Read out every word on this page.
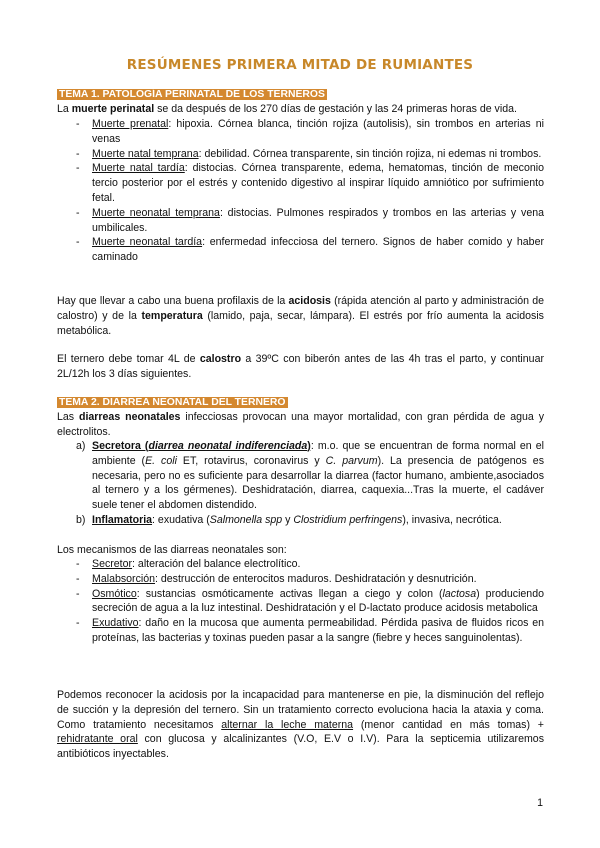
RESÚMENES PRIMERA MITAD DE RUMIANTES
TEMA 1. PATOLOGÍA PERINATAL DE LOS TERNEROS
La muerte perinatal se da después de los 270 días de gestación y las 24 primeras horas de vida.
- Muerte prenatal: hipoxia. Córnea blanca, tinción rojiza (autolisis), sin trombos en arterias ni venas
- Muerte natal temprana: debilidad. Córnea transparente, sin tinción rojiza, ni edemas ni trombos.
- Muerte natal tardía: distocias. Córnea transparente, edema, hematomas, tinción de meconio tercio posterior por el estrés y contenido digestivo al inspirar líquido amniótico por sufrimiento fetal.
- Muerte neonatal temprana: distocias. Pulmones respirados y trombos en las arterias y vena umbilicales.
- Muerte neonatal tardía: enfermedad infecciosa del ternero. Signos de haber comido y haber caminado
Hay que llevar a cabo una buena profilaxis de la acidosis (rápida atención al parto y administración de calostro) y de la temperatura (lamido, paja, secar, lámpara). El estrés por frío aumenta la acidosis metabólica.
El ternero debe tomar 4L de calostro a 39ºC con biberón antes de las 4h tras el parto, y continuar 2L/12h los 3 días siguientes.
TEMA 2. DIARREA NEONATAL DEL TERNERO
Las diarreas neonatales infecciosas provocan una mayor mortalidad, con gran pérdida de agua y electrolitos.
a) Secretora (diarrea neonatal indiferenciada): m.o. que se encuentran de forma normal en el ambiente (E. coli ET, rotavirus, coronavirus y C. parvum). La presencia de patógenos es necesaria, pero no es suficiente para desarrollar la diarrea (factor humano, ambiente,asociados al ternero y a los gérmenes). Deshidratación, diarrea, caquexia...Tras la muerte, el cadáver suele tener el abdomen distendido.
b) Inflamatoria: exudativa (Salmonella spp y Clostridium perfringens), invasiva, necrótica.
Los mecanismos de las diarreas neonatales son:
- Secretor: alteración del balance electrolítico.
- Malabsorción: destrucción de enterocitos maduros. Deshidratación y desnutrición.
- Osmótico: sustancias osmóticamente activas llegan a ciego y colon (lactosa) produciendo secreción de agua a la luz intestinal. Deshidratación y el D-lactato produce acidosis metabolica
- Exudativo: daño en la mucosa que aumenta permeabilidad. Pérdida pasiva de fluidos ricos en proteínas, las bacterias y toxinas pueden pasar a la sangre (fiebre y heces sanguinolentas).
Podemos reconocer la acidosis por la incapacidad para mantenerse en pie, la disminución del reflejo de succión y la depresión del ternero. Sin un tratamiento correcto evoluciona hacia la ataxia y coma. Como tratamiento necesitamos alternar la leche materna (menor cantidad en más tomas) + rehidratante oral con glucosa y alcalinizantes (V.O, E.V o I.V). Para la septicemia utilizaremos antibióticos inyectables.
1
